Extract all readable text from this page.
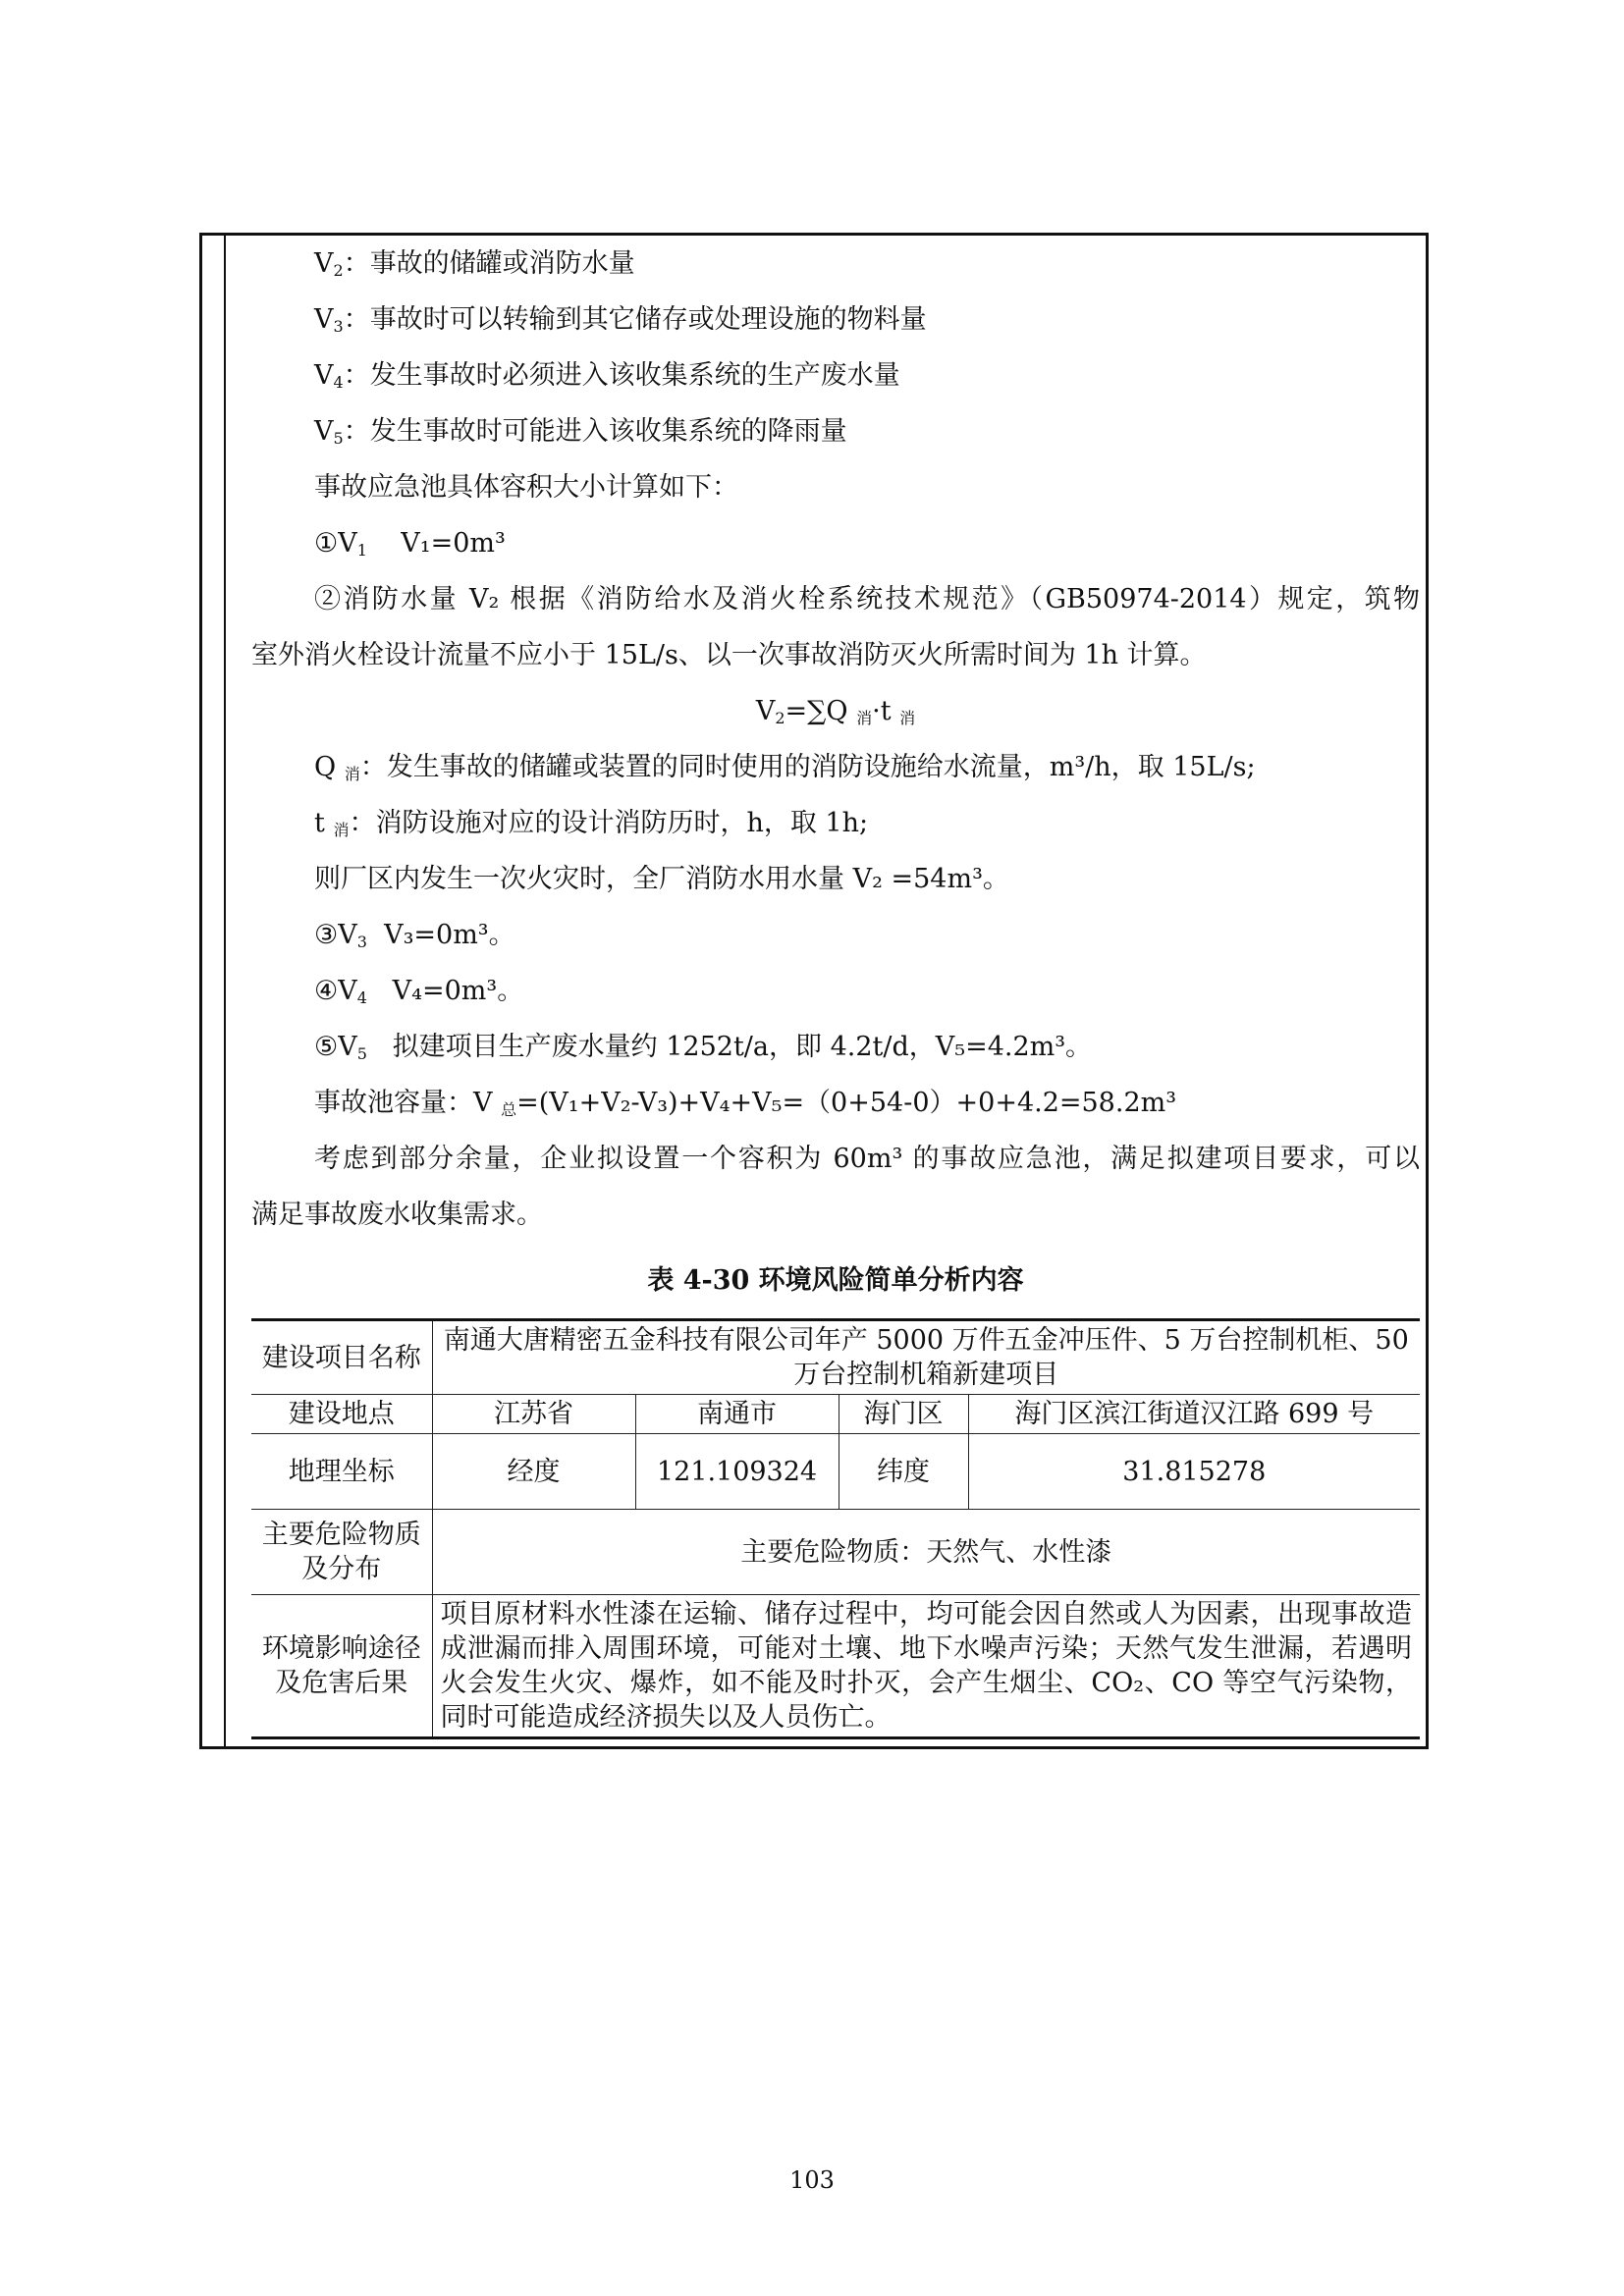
$V_2$：事故的储罐或消防水量

$V_3$：事故时可以转输到其它储存或处理设施的物料量

$V_4$：发生事故时必须进入该收集系统的生产废水量

$V_5$：发生事故时可能进入该收集系统的降雨量

事故应急池具体容积大小计算如下：

$①V_1$ V₁=0m³

②消防水量 V₂ 根据《消防给水及消火栓系统技术规范》（GB50974-2014）规定，筑物

室外消火栓设计流量不应小于 15L/s、以一次事故消防灭火所需时间为 1h 计算。

$V_2=\sum Q$ $_消$·t $_消$

Q $_消$：发生事故的储罐或装置的同时使用的消防设施给水流量，m³/h，取 15L/s;

t $_消$：消防设施对应的设计消防历时，h，取 1h;

则厂区内发生一次火灾时，全厂消防水用水量 V₂ =54m³。

$③V_3$ V₃=0m³。

$④V_4$ V₄=0m³。

$⑤V_5$ 拟建项目生产废水量约 1252t/a，即 4.2t/d，V₅=4.2m³。

事故池容量：V $_总$=(V₁+V₂-V₃)+V₄+V₅=（0+54-0）+0+4.2=58.2m³

考虑到部分余量，企业拟设置一个容积为 60m³ 的事故应急池，满足拟建项目要求，可以

满足事故废水收集需求。

表 4-30 环境风险简单分析内容
建设项目名称	南通大唐精密五金科技有限公司年产 5000 万件五金冲压件、5 万台控制机柜、50 万台控制机箱新建项目			
建设地点	江苏省	南通市	海门区	海门区滨江街道汉江路 699 号
地理坐标	经度	121.109324	纬度	31.815278
主要危险物质及分布	主要危险物质：天然气、水性漆			
环境影响途径及危害后果	项目原材料水性漆在运输、储存过程中，均可能会因自然或人为因素，出现事故造成泄漏而排入周围环境，可能对土壤、地下水噪声污染；天然气发生泄漏，若遇明火会发生火灾、爆炸，如不能及时扑灭，会产生烟尘、CO₂、CO 等空气污染物，同时可能造成经济损失以及人员伤亡。			
103
